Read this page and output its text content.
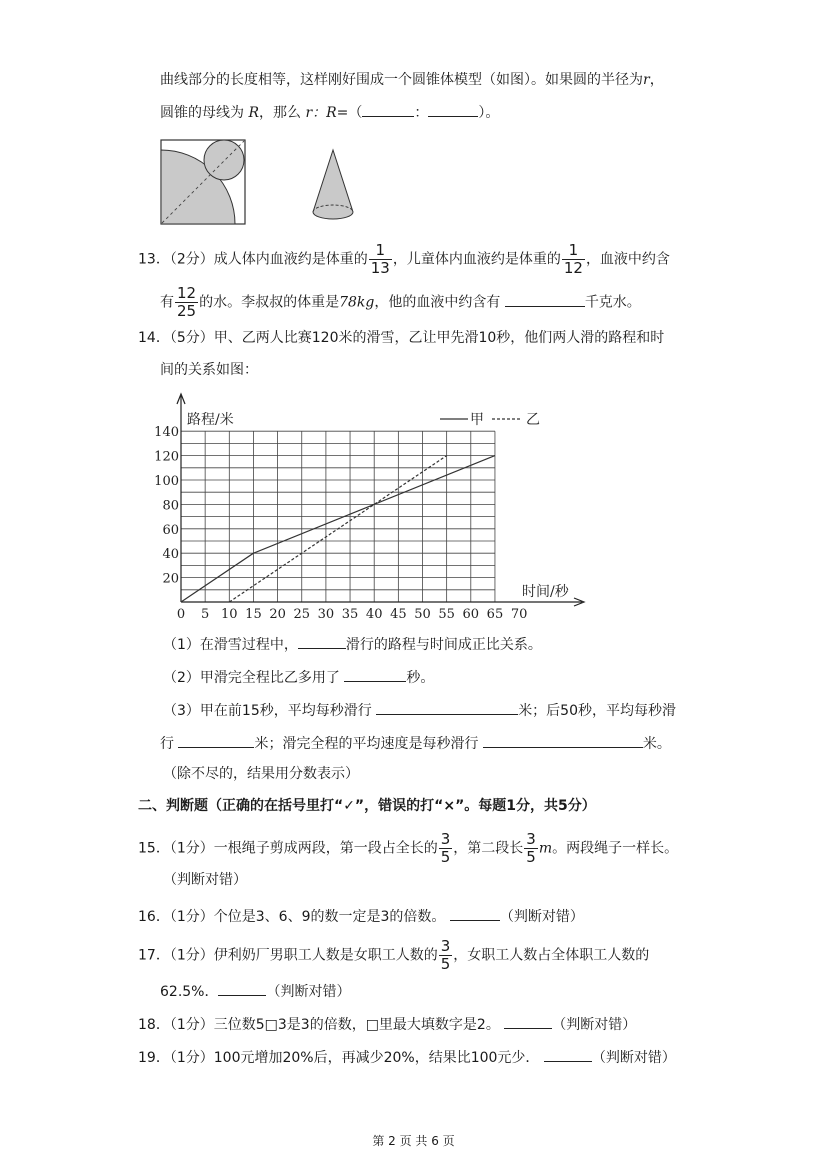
曲线部分的长度相等，这样刚好围成一个圆锥体模型（如图）。如果圆的半径为r，
圆锥的母线为 R，那么 r：R=（	：	）。
13．（2分）成人体内血液约是体重的 $\frac{1}{13}$ ，儿童体内血液约是体重的 $\frac{1}{12}$ ，血液中约含
有 $\frac{12}{25}$ 的水。李叔叔的体重是78kg，他的血液中约含有	千克水。
14．（5分）甲、乙两人比赛120米的滑雪，乙让甲先滑10秒，他们两人滑的路程和时
间的关系如图：
0 5 10 15 20 25 30 35 40 45 50 55 60 65 70
20
40
60
80
100
120
140
路程/米
时间/秒
甲	乙
（1）在滑雪过程中，	滑行的路程与时间成正比关系。
（2）甲滑完全程比乙多用了	秒。
（3）甲在前15秒，平均每秒滑行	米；后50秒，平均每秒滑
行	米；滑完全程的平均速度是每秒滑行	米。
（除不尽的，结果用分数表示）
二、判断题（正确的在括号里打“✓”，错误的打“×”。每题1分，共5分）
15．（1分）一根绳子剪成两段，第一段占全长的 $\frac{3}{5}$ ，第二段长 $\frac{3}{5}$ m。两段绳子一样长。
（判断对错）
16．（1分）个位是3、6、9的数一定是3的倍数。	（判断对错）
17．（1分）伊利奶厂男职工人数是女职工人数的 $\frac{3}{5}$ ，女职工人数占全体职工人数的
62.5%．	（判断对错）
18．（1分）三位数5□3是3的倍数，□里最大填数字是2。	（判断对错）
19．（1分）100元增加20%后，再减少20%，结果比100元少．	（判断对错）
第 2 页 共 6 页
